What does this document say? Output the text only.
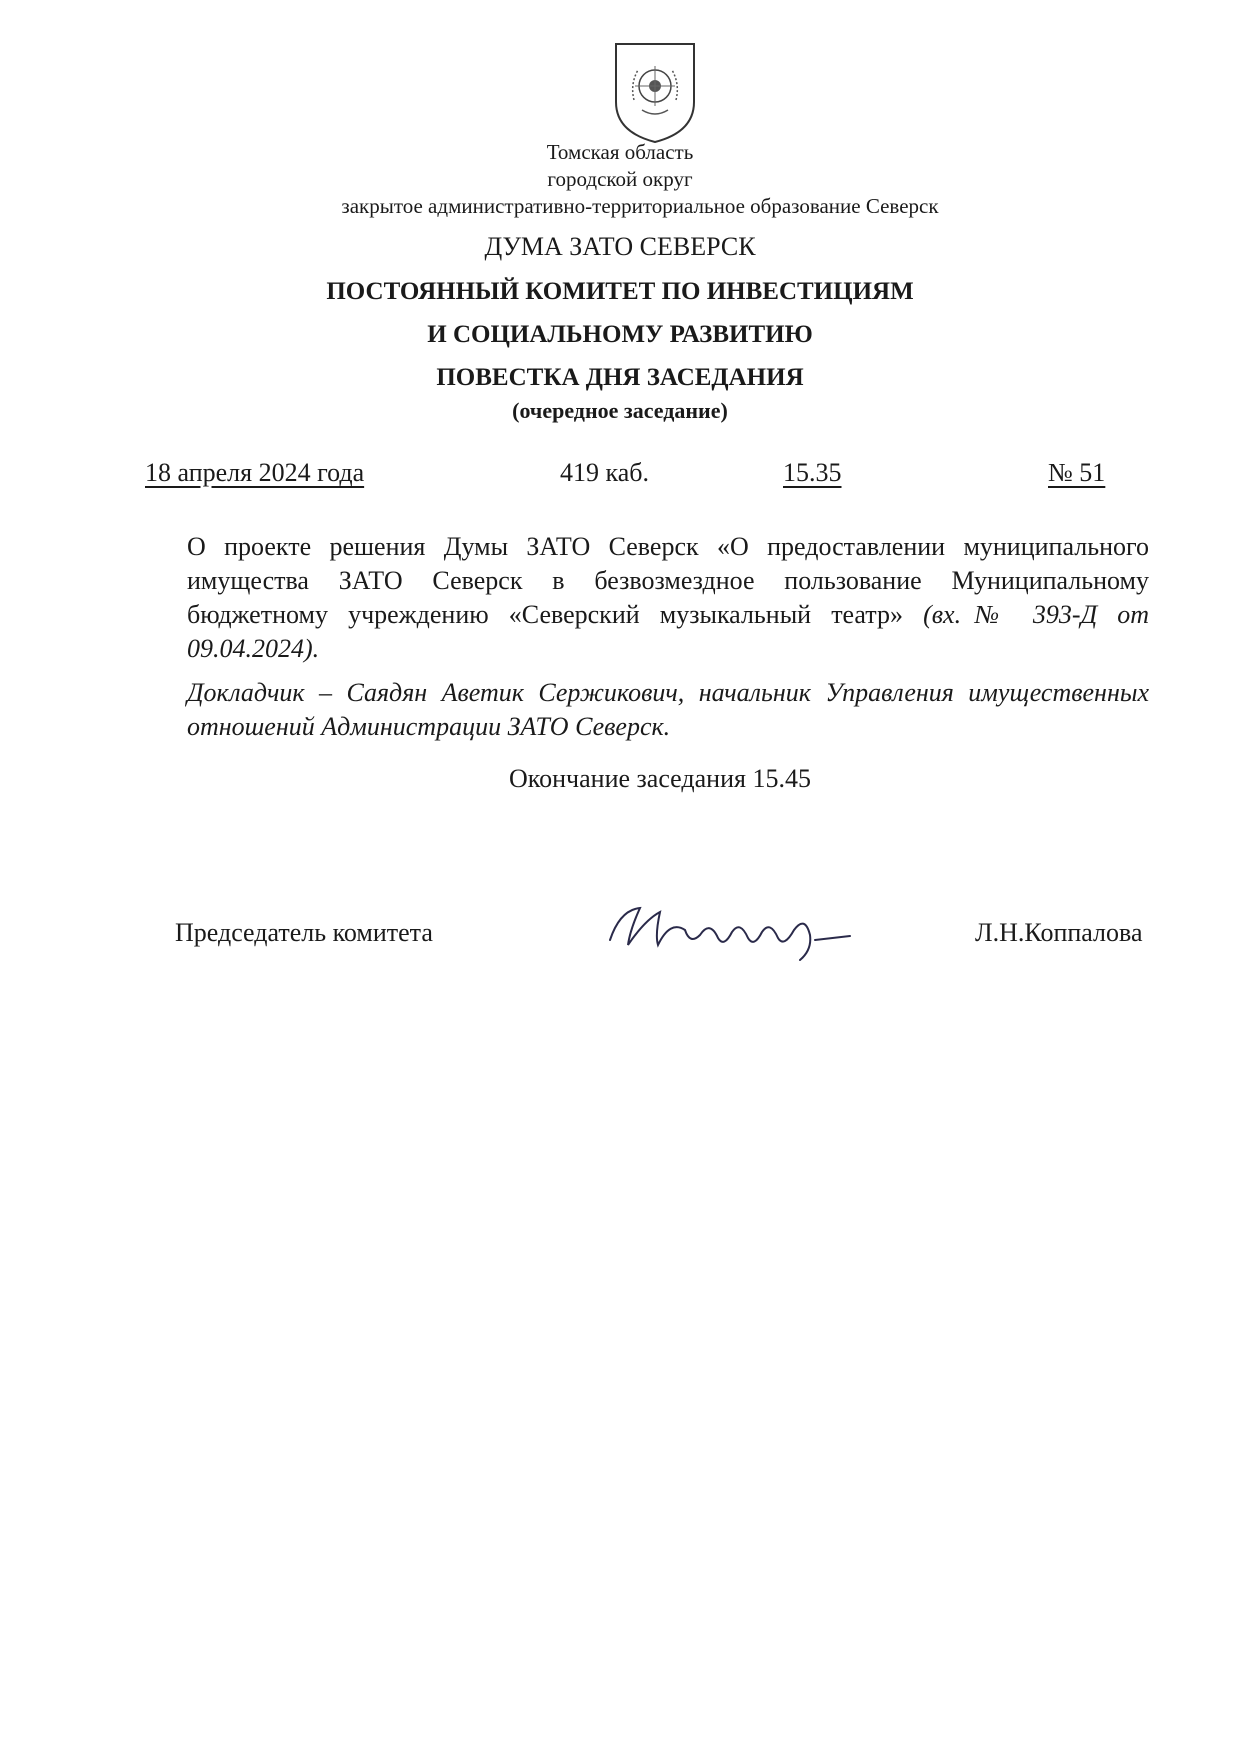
Томская область
городской округ
закрытое административно-территориальное образование Северск
ДУМА ЗАТО СЕВЕРСК
ПОСТОЯННЫЙ КОМИТЕТ ПО ИНВЕСТИЦИЯМ
И СОЦИАЛЬНОМУ РАЗВИТИЮ
ПОВЕСТКА ДНЯ ЗАСЕДАНИЯ
(очередное заседание)
18 апреля 2024 года	419 каб.	15.35	№ 51
О проекте решения Думы ЗАТО Северск «О предоставлении муниципального имущества ЗАТО Северск в безвозмездное пользование Муниципальному бюджетному учреждению «Северский музыкальный театр» (вх.№ 393-Д от 09.04.2024).
Докладчик – Саядян Аветик Сержикович, начальник Управления имущественных отношений Администрации ЗАТО Северск.
Окончание заседания 15.45
Председатель комитета	Л.Н.Коппалова
